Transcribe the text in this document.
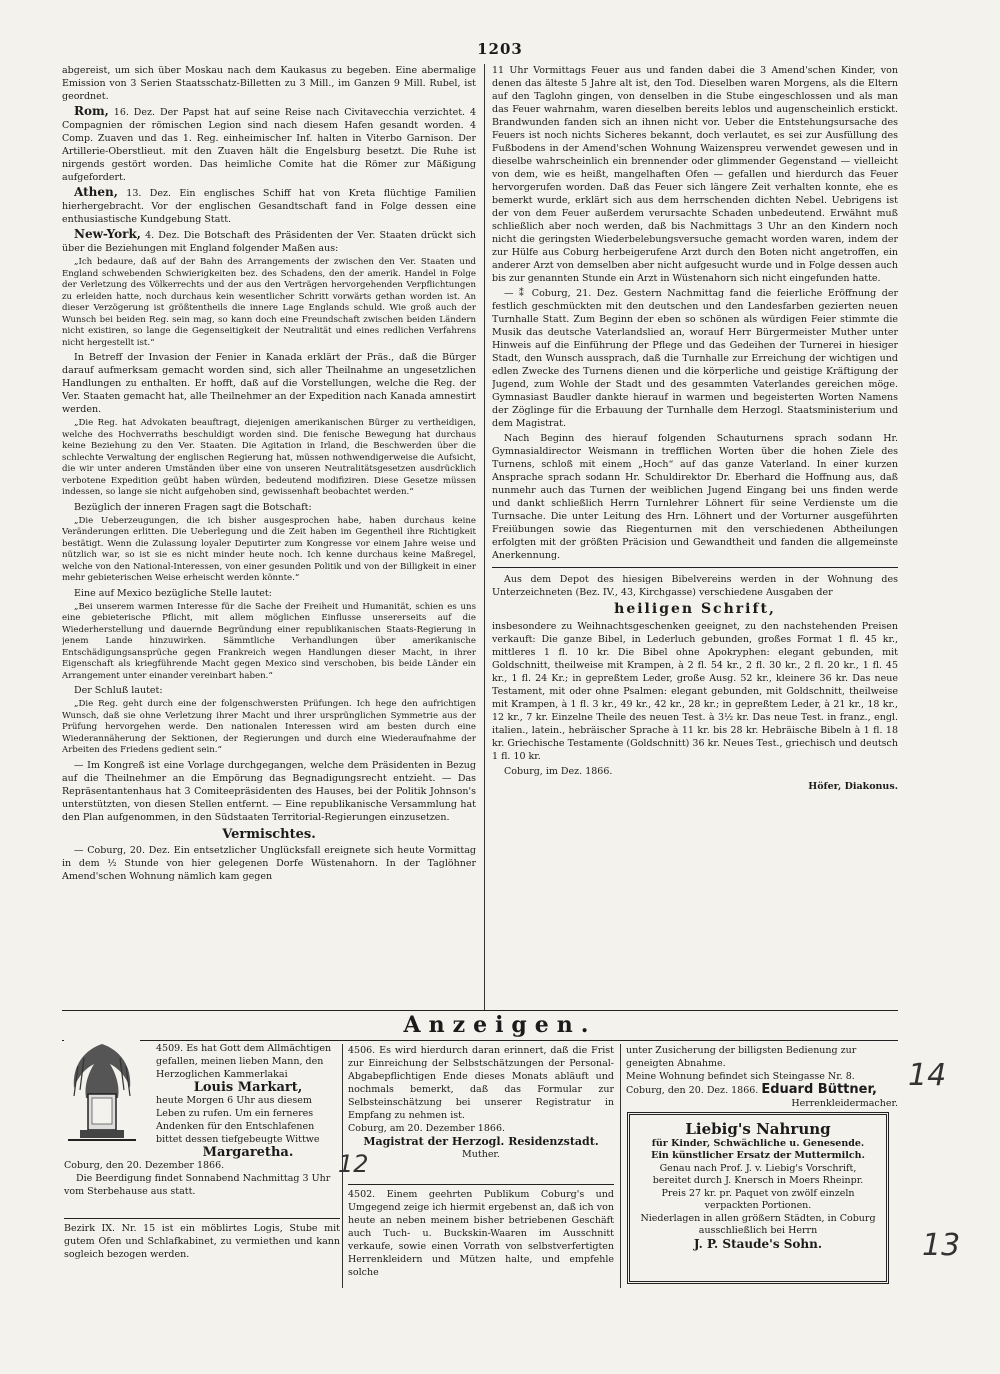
1203

abgereist, um sich über Moskau nach dem Kaukasus zu begeben. Eine abermalige Emission von 3 Serien Staatsschatz-Billetten zu 3 Mill., im Ganzen 9 Mill. Rubel, ist geordnet.

Rom, 16. Dez. Der Papst hat auf seine Reise nach Civitavecchia verzichtet. 4 Compagnien der römischen Legion sind nach diesem Hafen gesandt worden. 4 Comp. Zuaven und das 1. Reg. einheimischer Inf. halten in Viterbo Garnison. Der Artillerie-Oberstlieut. mit den Zuaven hält die Engelsburg besetzt. Die Ruhe ist nirgends gestört worden. Das heimliche Comite hat die Römer zur Mäßigung aufgefordert.

Athen, 13. Dez. Ein englisches Schiff hat von Kreta flüchtige Familien hierhergebracht. Vor der englischen Gesandtschaft fand in Folge dessen eine enthusiastische Kundgebung Statt.

New-York, 4. Dez. Die Botschaft des Präsidenten der Ver. Staaten drückt sich über die Beziehungen mit England folgender Maßen aus:

„Ich bedaure, daß auf der Bahn des Arrangements der zwischen den Ver. Staaten und England schwebenden Schwierigkeiten bez. des Schadens, den der amerik. Handel in Folge der Verletzung des Völkerrechts und der aus den Verträgen hervorgehenden Verpflichtungen zu erleiden hatte, noch durchaus kein wesentlicher Schritt vorwärts gethan worden ist. An dieser Verzögerung ist größtentheils die innere Lage Englands schuld. Wie groß auch der Wunsch bei beiden Reg. sein mag, so kann doch eine Freundschaft zwischen beiden Ländern nicht existiren, so lange die Gegenseitigkeit der Neutralität und eines redlichen Verfahrens nicht hergestellt ist.“

In Betreff der Invasion der Fenier in Kanada erklärt der Präs., daß die Bürger darauf aufmerksam gemacht worden sind, sich aller Theilnahme an ungesetzlichen Handlungen zu enthalten. Er hofft, daß auf die Vorstellungen, welche die Reg. der Ver. Staaten gemacht hat, alle Theilnehmer an der Expedition nach Kanada amnestirt werden.

„Die Reg. hat Advokaten beauftragt, diejenigen amerikanischen Bürger zu vertheidigen, welche des Hochverraths beschuldigt worden sind. Die fenische Bewegung hat durchaus keine Beziehung zu den Ver. Staaten. Die Agitation in Irland, die Beschwerden über die schlechte Verwaltung der englischen Regierung hat, müssen nothwendigerweise die Aufsicht, die wir unter anderen Umständen über eine von unseren Neutralitätsgesetzen ausdrücklich verbotene Expedition geübt haben würden, bedeutend modifiziren. Diese Gesetze müssen indessen, so lange sie nicht aufgehoben sind, gewissenhaft beobachtet werden.“

Bezüglich der inneren Fragen sagt die Botschaft:

„Die Ueberzeugungen, die ich bisher ausgesprochen habe, haben durchaus keine Veränderungen erlitten. Die Ueberlegung und die Zeit haben im Gegentheil ihre Richtigkeit bestätigt. Wenn die Zulassung loyaler Deputirter zum Kongresse vor einem Jahre weise und nützlich war, so ist sie es nicht minder heute noch. Ich kenne durchaus keine Maßregel, welche von den National-Interessen, von einer gesunden Politik und von der Billigkeit in einer mehr gebieterischen Weise erheischt werden könnte.“

Eine auf Mexico bezügliche Stelle lautet:

„Bei unserem warmen Interesse für die Sache der Freiheit und Humanität, schien es uns eine gebieterische Pflicht, mit allem möglichen Einflusse unsererseits auf die Wiederherstellung und dauernde Begründung einer republikanischen Staats-Regierung in jenem Lande hinzuwirken. Sämmtliche Verhandlungen über amerikanische Entschädigungsansprüche gegen Frankreich wegen Handlungen dieser Macht, in ihrer Eigenschaft als kriegführende Macht gegen Mexico sind verschoben, bis beide Länder ein Arrangement unter einander vereinbart haben.“

Der Schluß lautet:

„Die Reg. geht durch eine der folgenschwersten Prüfungen. Ich hege den aufrichtigen Wunsch, daß sie ohne Verletzung ihrer Macht und ihrer ursprünglichen Symmetrie aus der Prüfung hervorgehen werde. Den nationalen Interessen wird am besten durch eine Wiederannäherung der Sektionen, der Regierungen und durch eine Wiederaufnahme der Arbeiten des Friedens gedient sein.“

— Im Kongreß ist eine Vorlage durchgegangen, welche dem Präsidenten in Bezug auf die Theilnehmer an die Empörung das Begnadigungsrecht entzieht. — Das Repräsentantenhaus hat 3 Comiteepräsidenten des Hauses, bei der Politik Johnson's unterstützten, von diesen Stellen entfernt. — Eine republikanische Versammlung hat den Plan aufgenommen, in den Südstaaten Territorial-Regierungen einzusetzen.

Vermischtes.

— Coburg, 20. Dez. Ein entsetzlicher Unglücksfall ereignete sich heute Vormittag in dem ½ Stunde von hier gelegenen Dorfe Wüstenahorn. In der Taglöhner Amend'schen Wohnung nämlich kam gegen

11 Uhr Vormittags Feuer aus und fanden dabei die 3 Amend'schen Kinder, von denen das älteste 5 Jahre alt ist, den Tod. Dieselben waren Morgens, als die Eltern auf den Taglohn gingen, von denselben in die Stube eingeschlossen und als man das Feuer wahrnahm, waren dieselben bereits leblos und augenscheinlich erstickt. Brandwunden fanden sich an ihnen nicht vor. Ueber die Entstehungsursache des Feuers ist noch nichts Sicheres bekannt, doch verlautet, es sei zur Ausfüllung des Fußbodens in der Amend'schen Wohnung Waizenspreu verwendet gewesen und in dieselbe wahrscheinlich ein brennender oder glimmender Gegenstand — vielleicht von dem, wie es heißt, mangelhaften Ofen — gefallen und hierdurch das Feuer hervorgerufen worden. Daß das Feuer sich längere Zeit verhalten konnte, ehe es bemerkt wurde, erklärt sich aus dem herrschenden dichten Nebel. Uebrigens ist der von dem Feuer außerdem verursachte Schaden unbedeutend. Erwähnt muß schließlich aber noch werden, daß bis Nachmittags 3 Uhr an den Kindern noch nicht die geringsten Wiederbelebungsversuche gemacht worden waren, indem der zur Hülfe aus Coburg herbeigerufene Arzt durch den Boten nicht angetroffen, ein anderer Arzt von demselben aber nicht aufgesucht wurde und in Folge dessen auch bis zur genannten Stunde ein Arzt in Wüstenahorn sich nicht eingefunden hatte.

— ⁑ Coburg, 21. Dez. Gestern Nachmittag fand die feierliche Eröffnung der festlich geschmückten mit den deutschen und den Landesfarben gezierten neuen Turnhalle Statt. Zum Beginn der eben so schönen als würdigen Feier stimmte die Musik das deutsche Vaterlandslied an, worauf Herr Bürgermeister Muther unter Hinweis auf die Einführung der Pflege und das Gedeihen der Turnerei in hiesiger Stadt, den Wunsch aussprach, daß die Turnhalle zur Erreichung der wichtigen und edlen Zwecke des Turnens dienen und die körperliche und geistige Kräftigung der Jugend, zum Wohle der Stadt und des gesammten Vaterlandes gereichen möge. Gymnasiast Baudler dankte hierauf in warmen und begeisterten Worten Namens der Zöglinge für die Erbauung der Turnhalle dem Herzogl. Staatsministerium und dem Magistrat.

Nach Beginn des hierauf folgenden Schauturnens sprach sodann Hr. Gymnasialdirector Weismann in trefflichen Worten über die hohen Ziele des Turnens, schloß mit einem „Hoch“ auf das ganze Vaterland. In einer kurzen Ansprache sprach sodann Hr. Schuldirektor Dr. Eberhard die Hoffnung aus, daß nunmehr auch das Turnen der weiblichen Jugend Eingang bei uns finden werde und dankt schließlich Herrn Turnlehrer Löhnert für seine Verdienste um die Turnsache. Die unter Leitung des Hrn. Löhnert und der Vorturner ausgeführten Freiübungen sowie das Riegenturnen mit den verschiedenen Abtheilungen erfolgten mit der größten Präcision und Gewandtheit und fanden die allgemeinste Anerkennung.

Aus dem Depot des hiesigen Bibelvereins werden in der Wohnung des Unterzeichneten (Bez. IV., 43, Kirchgasse) verschiedene Ausgaben der

heiligen Schrift,

insbesondere zu Weihnachtsgeschenken geeignet, zu den nachstehenden Preisen verkauft: Die ganze Bibel, in Lederluch gebunden, großes Format 1 fl. 45 kr., mittleres 1 fl. 10 kr. Die Bibel ohne Apokryphen: elegant gebunden, mit Goldschnitt, theilweise mit Krampen, à 2 fl. 54 kr., 2 fl. 30 kr., 2 fl. 20 kr., 1 fl. 45 kr., 1 fl. 24 Kr.; in gepreßtem Leder, große Ausg. 52 kr., kleinere 36 kr. Das neue Testament, mit oder ohne Psalmen: elegant gebunden, mit Goldschnitt, theilweise mit Krampen, à 1 fl. 3 kr., 49 kr., 42 kr., 28 kr.; in gepreßtem Leder, à 21 kr., 18 kr., 12 kr., 7 kr. Einzelne Theile des neuen Test. à 3½ kr. Das neue Test. in franz., engl. italien., latein., hebräischer Sprache à 11 kr. bis 28 kr. Hebräische Bibeln à 1 fl. 18 kr. Griechische Testamente (Goldschnitt) 36 kr. Neues Test., griechisch und deutsch 1 fl. 10 kr.

Coburg, im Dez. 1866.

Höfer, Diakonus.
Anzeigen.
4509. Es hat Gott dem Allmächtigen gefallen, meinen lieben Mann, den Herzoglichen Kammerlakai
Louis Markart,
heute Morgen 6 Uhr aus diesem Leben zu rufen. Um ein ferneres Andenken für den Entschlafenen bittet dessen tiefgebeugte Wittwe
Margaretha.
Coburg, den 20. Dezember 1866.
Die Beerdigung findet Sonnabend Nachmittag 3 Uhr vom Sterbehause aus statt.
Bezirk IX. Nr. 15 ist ein möblirtes Logis, Stube mit gutem Ofen und Schlafkabinet, zu vermiethen und kann sogleich bezogen werden.
4506. Es wird hierdurch daran erinnert, daß die Frist zur Einreichung der Selbstschätzungen der Personal-Abgabepflichtigen Ende dieses Monats abläuft und nochmals bemerkt, daß das Formular zur Selbsteinschätzung bei unserer Registratur in Empfang zu nehmen ist.
Coburg, am 20. Dezember 1866.
Magistrat der Herzogl. Residenzstadt.
Muther.
4502. Einem geehrten Publikum Coburg's und Umgegend zeige ich hiermit ergebenst an, daß ich von heute an neben meinem bisher betriebenen Geschäft auch Tuch- u. Buckskin-Waaren im Ausschnitt verkaufe, sowie einen Vorrath von selbstverfertigten Herrenkleidern und Mützen halte, und empfehle solche
unter Zusicherung der billigsten Bedienung zur geneigten Abnahme.
Meine Wohnung befindet sich Steingasse Nr. 8.
Coburg, den 20. Dez. 1866. Eduard Büttner,
Herrenkleidermacher.
Liebig's Nahrung
für Kinder, Schwächliche u. Genesende.
Ein künstlicher Ersatz der Muttermilch.
Genau nach Prof. J. v. Liebig's Vorschrift, bereitet durch J. Knersch in Moers Rheinpr. Preis 27 kr. pr. Paquet von zwölf einzeln verpackten Portionen.
Niederlagen in allen größern Städten, in Coburg ausschließlich bei Herrn
J. P. Staude's Sohn.
14
12
13
